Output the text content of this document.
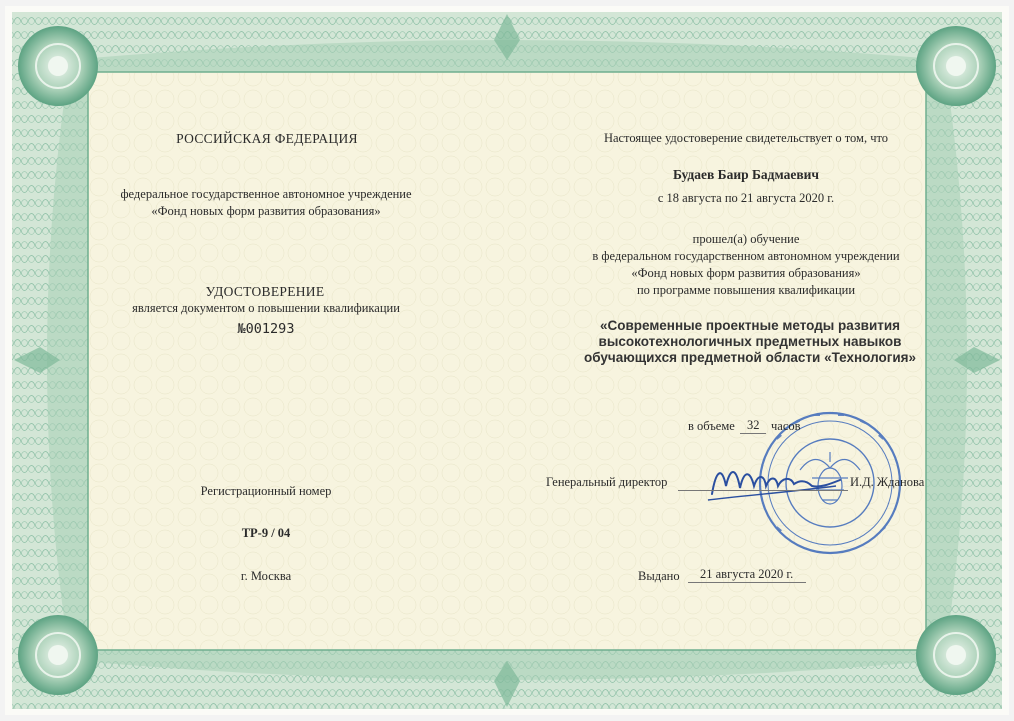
РОССИЙСКАЯ ФЕДЕРАЦИЯ

федеральное государственное автономное учреждение

«Фонд новых форм развития образования»

УДОСТОВЕРЕНИЕ

является документом о повышении квалификации

№001293

Регистрационный номер

ТР-9 / 04

г. Москва

Настоящее удостоверение свидетельствует о том, что

Будаев Баир Бадмаевич

с 18 августа по 21 августа 2020 г.

прошел(а) обучение

в федеральном государственном автономном учреждении

«Фонд новых форм развития образования»

по программе повышения квалификации

«Современные проектные методы развития

высокотехнологичных предметных навыков

обучающихся предметной области «Технология»

в объеме 32 часов

Генеральный директор	И.Д. Жданова

Выдано 21 августа 2020 г.
